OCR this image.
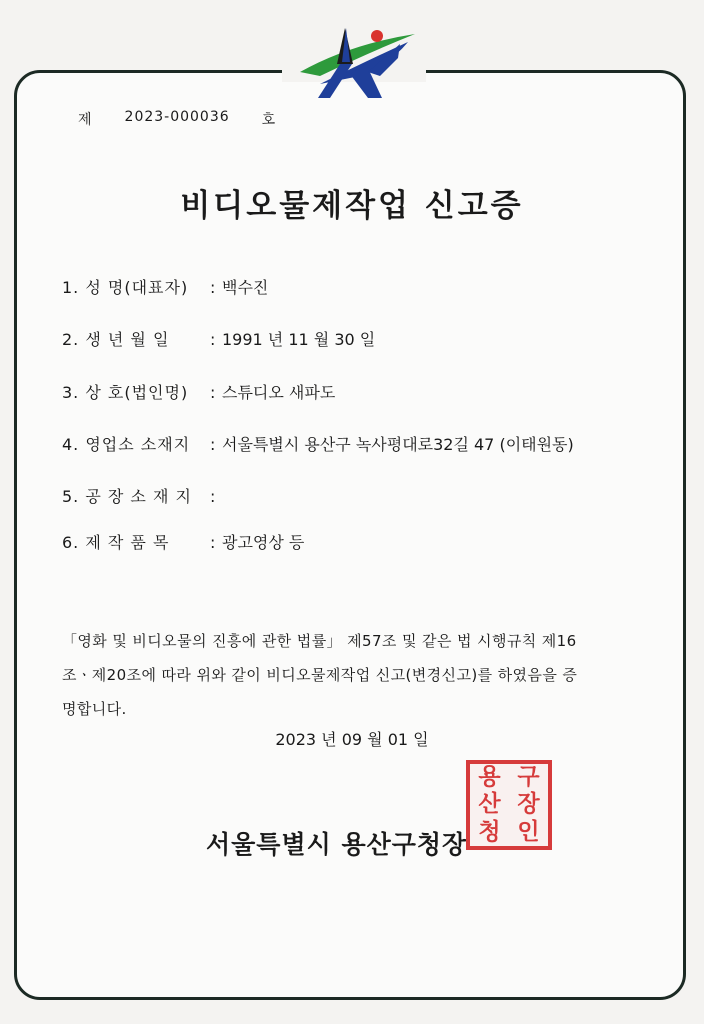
제 2023-000036 호
비디오물제작업 신고증
1. 성 명(대표자)	: 백수진
2. 생 년 월 일	: 1991 년 11 월 30 일
3. 상 호(법인명)	: 스튜디오 새파도
4. 영업소 소재지	: 서울특별시 용산구 녹사평대로32길 47 (이태원동)
5. 공 장 소 재 지	:
6. 제 작 품 목	: 광고영상 등
「영화 및 비디오물의 진흥에 관한 법률」 제57조 및 같은 법 시행규칙 제16
조ㆍ제20조에 따라 위와 같이 비디오물제작업 신고(변경신고)를 하였음을 증
명합니다.
2023 년 09 월 01 일
서울특별시 용산구청장
용
산
청
구
장
인
